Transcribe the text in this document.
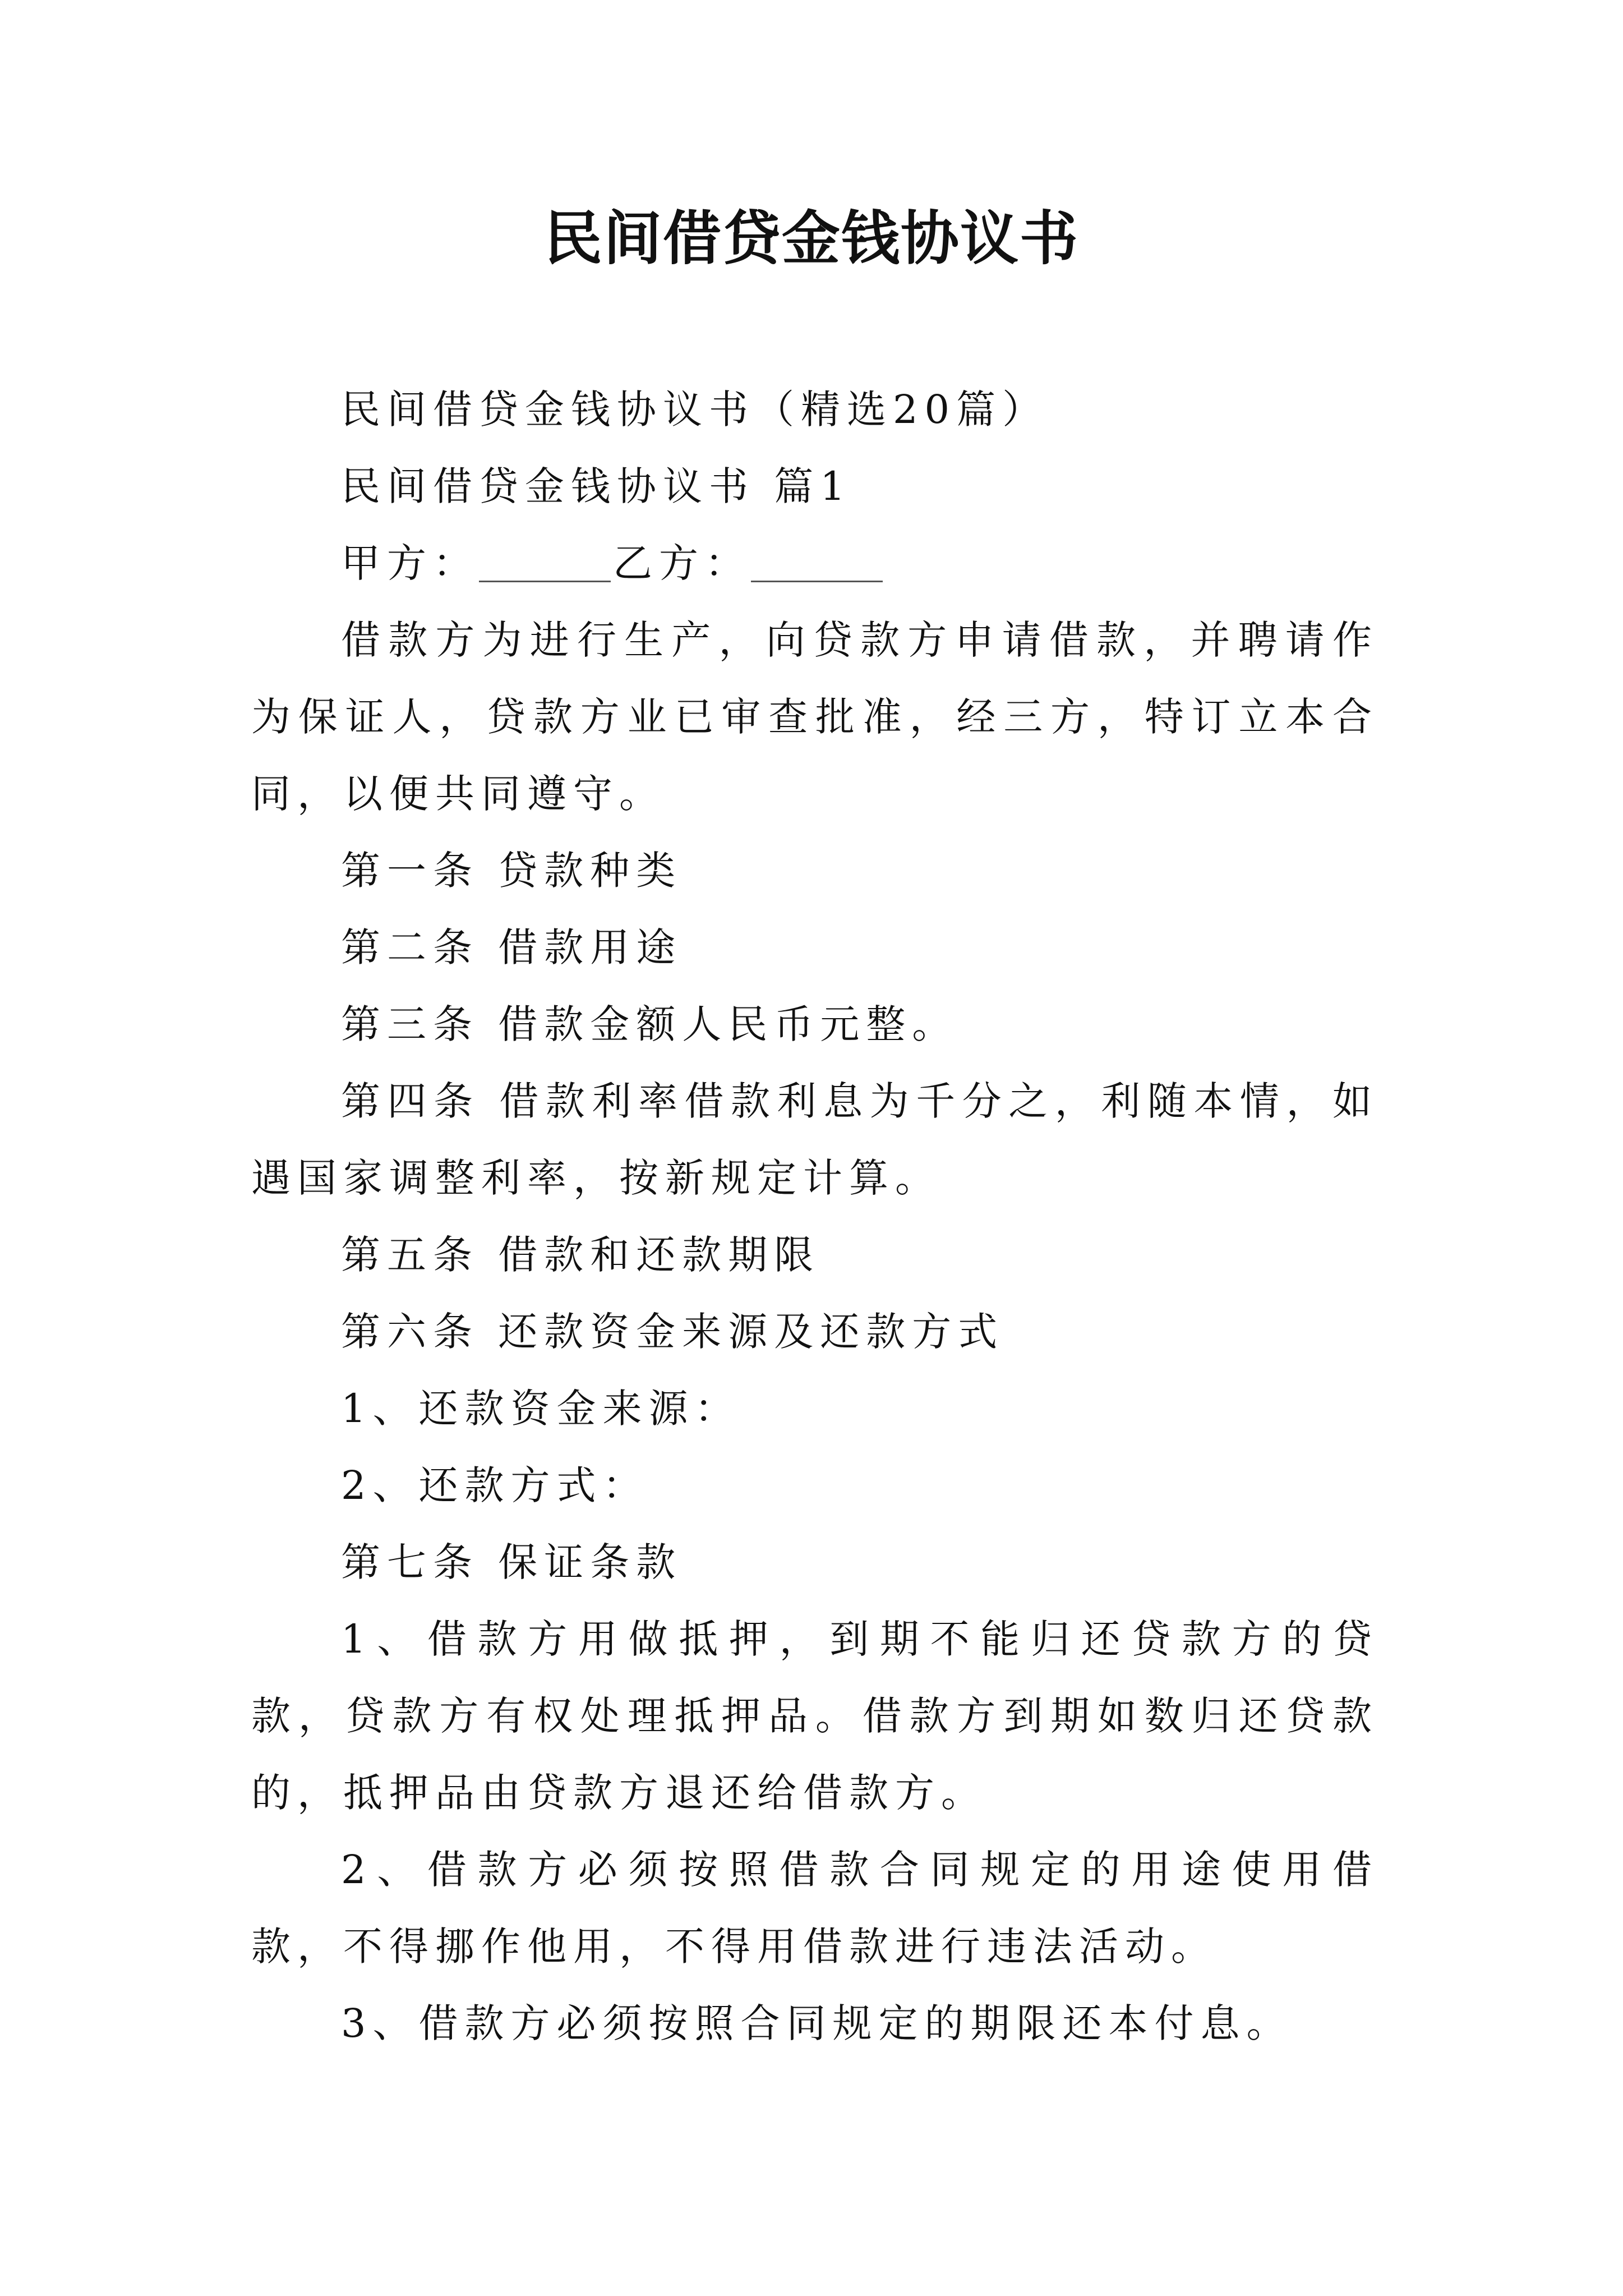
民间借贷金钱协议书

民间借贷金钱协议书（精选20篇）

民间借贷金钱协议书 篇1

甲方：	乙方：

借款方为进行生产，向贷款方申请借款，并聘请作为保证人，贷款方业已审查批准，经三方，特订立本合同，以便共同遵守。

第一条 贷款种类

第二条 借款用途

第三条 借款金额人民币元整。

第四条 借款利率借款利息为千分之，利随本情，如遇国家调整利率，按新规定计算。

第五条 借款和还款期限

第六条 还款资金来源及还款方式

1、还款资金来源：

2、还款方式：

第七条 保证条款

1、借款方用做抵押，到期不能归还贷款方的贷款，贷款方有权处理抵押品。借款方到期如数归还贷款的，抵押品由贷款方退还给借款方。

2、借款方必须按照借款合同规定的用途使用借款，不得挪作他用，不得用借款进行违法活动。

3、借款方必须按照合同规定的期限还本付息。
